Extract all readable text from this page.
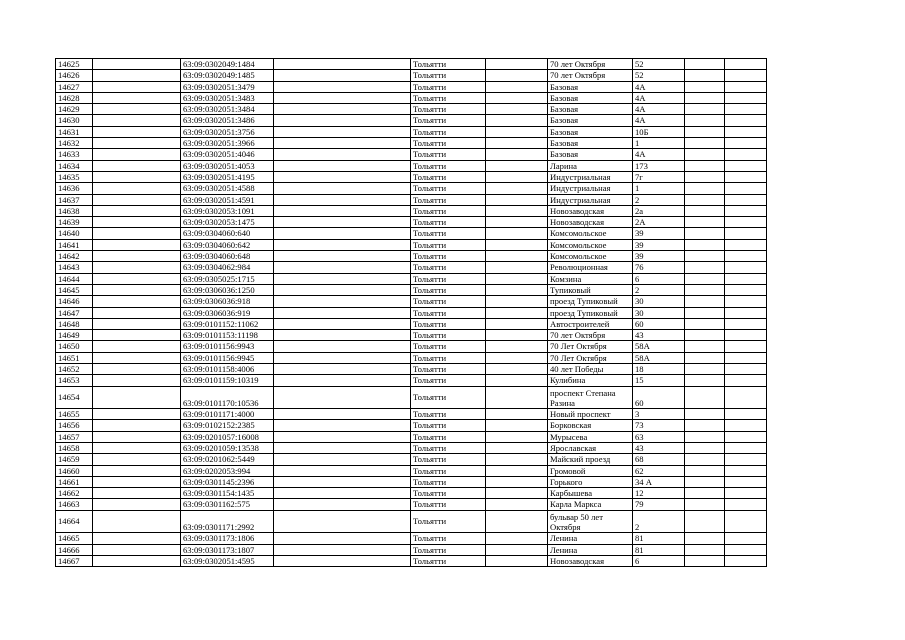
14625		63:09:0302049:1484		Тольятти		70 лет Октября	52		
14626		63:09:0302049:1485		Тольятти		70 лет Октября	52		
14627		63:09:0302051:3479		Тольятти		Базовая	4А		
14628		63:09:0302051:3483		Тольятти		Базовая	4А		
14629		63:09:0302051:3484		Тольятти		Базовая	4А		
14630		63:09:0302051:3486		Тольятти		Базовая	4А		
14631		63:09:0302051:3756		Тольятти		Базовая	10Б		
14632		63:09:0302051:3966		Тольятти		Базовая	1		
14633		63:09:0302051:4046		Тольятти		Базовая	4А		
14634		63:09:0302051:4053		Тольятти		Ларина	173		
14635		63:09:0302051:4195		Тольятти		Индустриальная	7г		
14636		63:09:0302051:4588		Тольятти		Индустриальная	1		
14637		63:09:0302051:4591		Тольятти		Индустриальная	2		
14638		63:09:0302053:1091		Тольятти		Новозаводская	2а		
14639		63:09:0302053:1475		Тольятти		Новозаводская	2А		
14640		63:09:0304060:640		Тольятти		Комсомольское	39		
14641		63:09:0304060:642		Тольятти		Комсомольское	39		
14642		63:09:0304060:648		Тольятти		Комсомольское	39		
14643		63:09:0304062:984		Тольятти		Революционная	76		
14644		63:09:0305025:1715		Тольятти		Комзина	6		
14645		63:09:0306036:1250		Тольятти		Тупиковый	2		
14646		63:09:0306036:918		Тольятти		проезд Тупиковый	30		
14647		63:09:0306036:919		Тольятти		проезд Тупиковый	30		
14648		63:09:0101152:11062		Тольятти		Автостроителей	60		
14649		63:09:0101153:11198		Тольятти		70 лет Октября	43		
14650		63:09:0101156:9943		Тольятти		70 Лет Октября	58А		
14651		63:09:0101156:9945		Тольятти		70 Лет Октября	58А		
14652		63:09:0101158:4006		Тольятти		40 лет Победы	18		
14653		63:09:0101159:10319		Тольятти		Кулибина	15		
14654		63:09:0101170:10536		Тольятти		проспект Степана Разина	60		
14655		63:09:0101171:4000		Тольятти		Новый проспект	3		
14656		63:09:0102152:2385		Тольятти		Борковская	73		
14657		63:09:0201057:16008		Тольятти		Мурысева	63		
14658		63:09:0201059:13538		Тольятти		Ярославская	43		
14659		63:09:0201062:5449		Тольятти		Майский проезд	68		
14660		63:09:0202053:994		Тольятти		Громовой	62		
14661		63:09:0301145:2396		Тольятти		Горького	34 А		
14662		63:09:0301154:1435		Тольятти		Карбышева	12		
14663		63:09:0301162:575		Тольятти		Карла Маркса	79		
14664		63:09:0301171:2992		Тольятти		бульвар 50 лет Октября	2		
14665		63:09:0301173:1806		Тольятти		Ленина	81		
14666		63:09:0301173:1807		Тольятти		Ленина	81		
14667		63:09:0302051:4595		Тольятти		Новозаводская	6		
